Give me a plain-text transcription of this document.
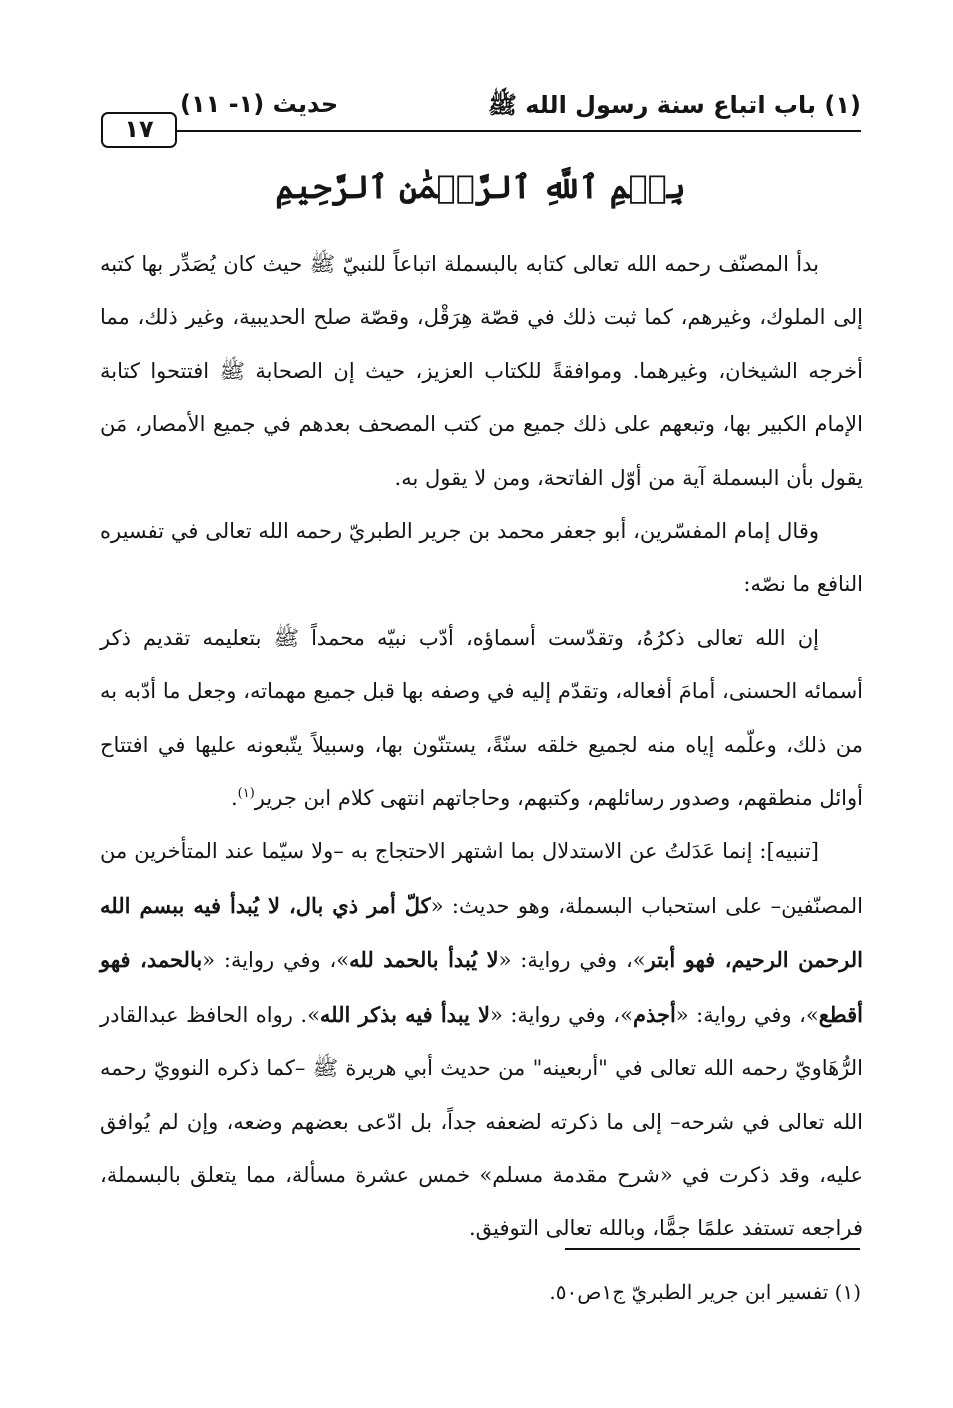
(١) باب اتباع سنة رسول الله ﷺ
حديث (١- ١١)
١٧
بِسۡمِ ٱللَّهِ ٱلرَّحۡمَٰنِ ٱلرَّحِيمِ

بدأ المصنّف رحمه الله تعالى كتابه بالبسملة اتباعاً للنبيّ ﷺ حيث كان يُصَدِّر بها كتبه إلى الملوك، وغيرهم، كما ثبت ذلك في قصّة هِرَقْل، وقصّة صلح الحديبية، وغير ذلك، مما أخرجه الشيخان، وغيرهما. وموافقةً للكتاب العزيز، حيث إن الصحابة ﷺ افتتحوا كتابة الإمام الكبير بها، وتبعهم على ذلك جميع من كتب المصحف بعدهم في جميع الأمصار، مَن يقول بأن البسملة آية من أوّل الفاتحة، ومن لا يقول به.

وقال إمام المفسّرين، أبو جعفر محمد بن جرير الطبريّ رحمه الله تعالى في تفسيره النافع ما نصّه:

إن الله تعالى ذكرُهُ، وتقدّست أسماؤه، أدّب نبيّه محمداً ﷺ بتعليمه تقديم ذكر أسمائه الحسنى، أمامَ أفعاله، وتقدّم إليه في وصفه بها قبل جميع مهماته، وجعل ما أدّبه به من ذلك، وعلّمه إياه منه لجميع خلقه سنّةً، يستنّون بها، وسبيلاً يتّبعونه عليها في افتتاح أوائل منطقهم، وصدور رسائلهم، وكتبهم، وحاجاتهم انتهى كلام ابن جرير$^{(١)}$.

[تنبيه]: إنما عَدَلتُ عن الاستدلال بما اشتهر الاحتجاج به –ولا سيّما عند المتأخرين من المصنّفين– على استحباب البسملة، وهو حديث: «كلّ أمر ذي بال، لا يُبدأ فيه ببسم الله الرحمن الرحيم، فهو أبتر»، وفي رواية: «لا يُبدأ بالحمد لله»، وفي رواية: «بالحمد، فهو أقطع»، وفي رواية: «أجذم»، وفي رواية: «لا يبدأ فيه بذكر الله». رواه الحافظ عبدالقادر الرُّهَاويّ رحمه الله تعالى في "أربعينه" من حديث أبي هريرة ﷺ –كما ذكره النوويّ رحمه الله تعالى في شرحه– إلى ما ذكرته لضعفه جداً، بل ادّعى بعضهم وضعه، وإن لم يُوافق عليه، وقد ذكرت في «شرح مقدمة مسلم» خمس عشرة مسألة، مما يتعلق بالبسملة، فراجعه تستفد علمًا جمًّا، وبالله تعالى التوفيق.

(١) تفسير ابن جرير الطبريّ ج١ص٥٠.
